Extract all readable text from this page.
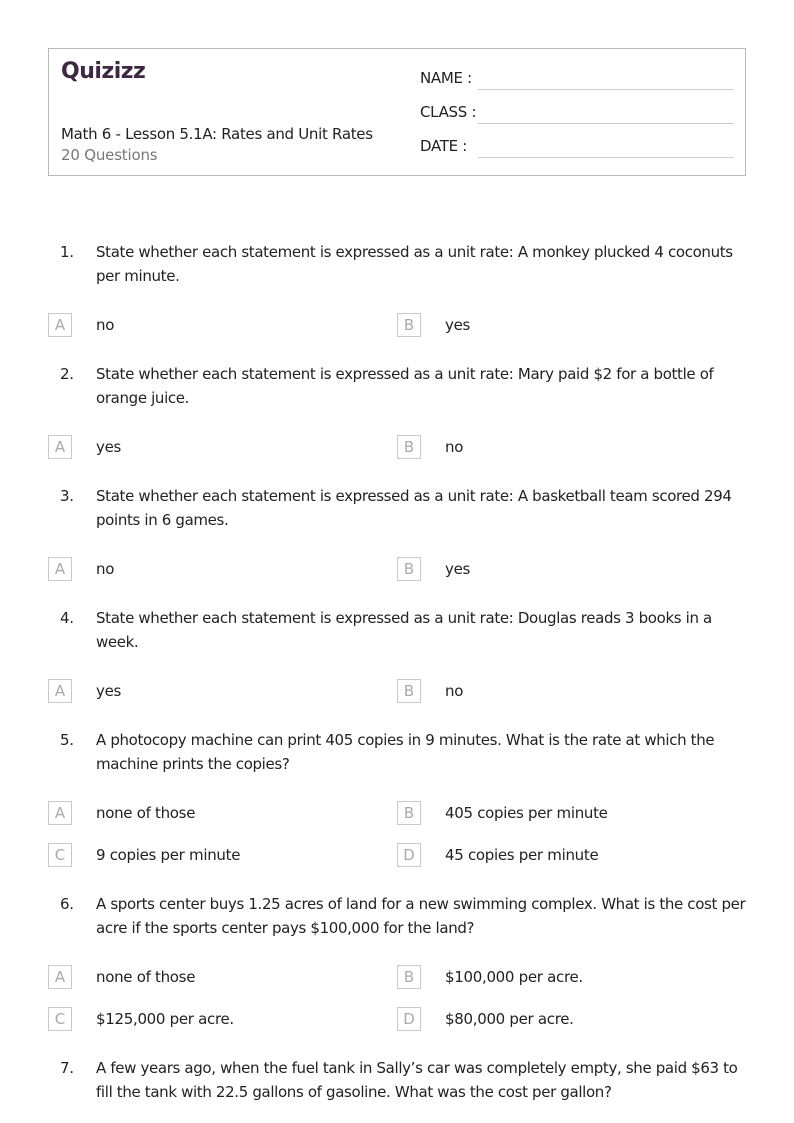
Quizizz
Math 6 - Lesson 5.1A: Rates and Unit Rates
20 Questions
NAME :
CLASS :
DATE :
1. State whether each statement is expressed as a unit rate: A monkey plucked 4 coconuts per minute.
A	no	B	yes
2. State whether each statement is expressed as a unit rate: Mary paid $2 for a bottle of orange juice.
A	yes	B	no
3. State whether each statement is expressed as a unit rate: A basketball team scored 294 points in 6 games.
A	no	B	yes
4. State whether each statement is expressed as a unit rate: Douglas reads 3 books in a week.
A	yes	B	no
5. A photocopy machine can print 405 copies in 9 minutes. What is the rate at which the machine prints the copies?
A	none of those	B	405 copies per minute
C	9 copies per minute	D	45 copies per minute
6. A sports center buys 1.25 acres of land for a new swimming complex. What is the cost per acre if the sports center pays $100,000 for the land?
A	none of those	B	$100,000 per acre.
C	$125,000 per acre.	D	$80,000 per acre.
7. A few years ago, when the fuel tank in Sally’s car was completely empty, she paid $63 to fill the tank with 22.5 gallons of gasoline. What was the cost per gallon?
